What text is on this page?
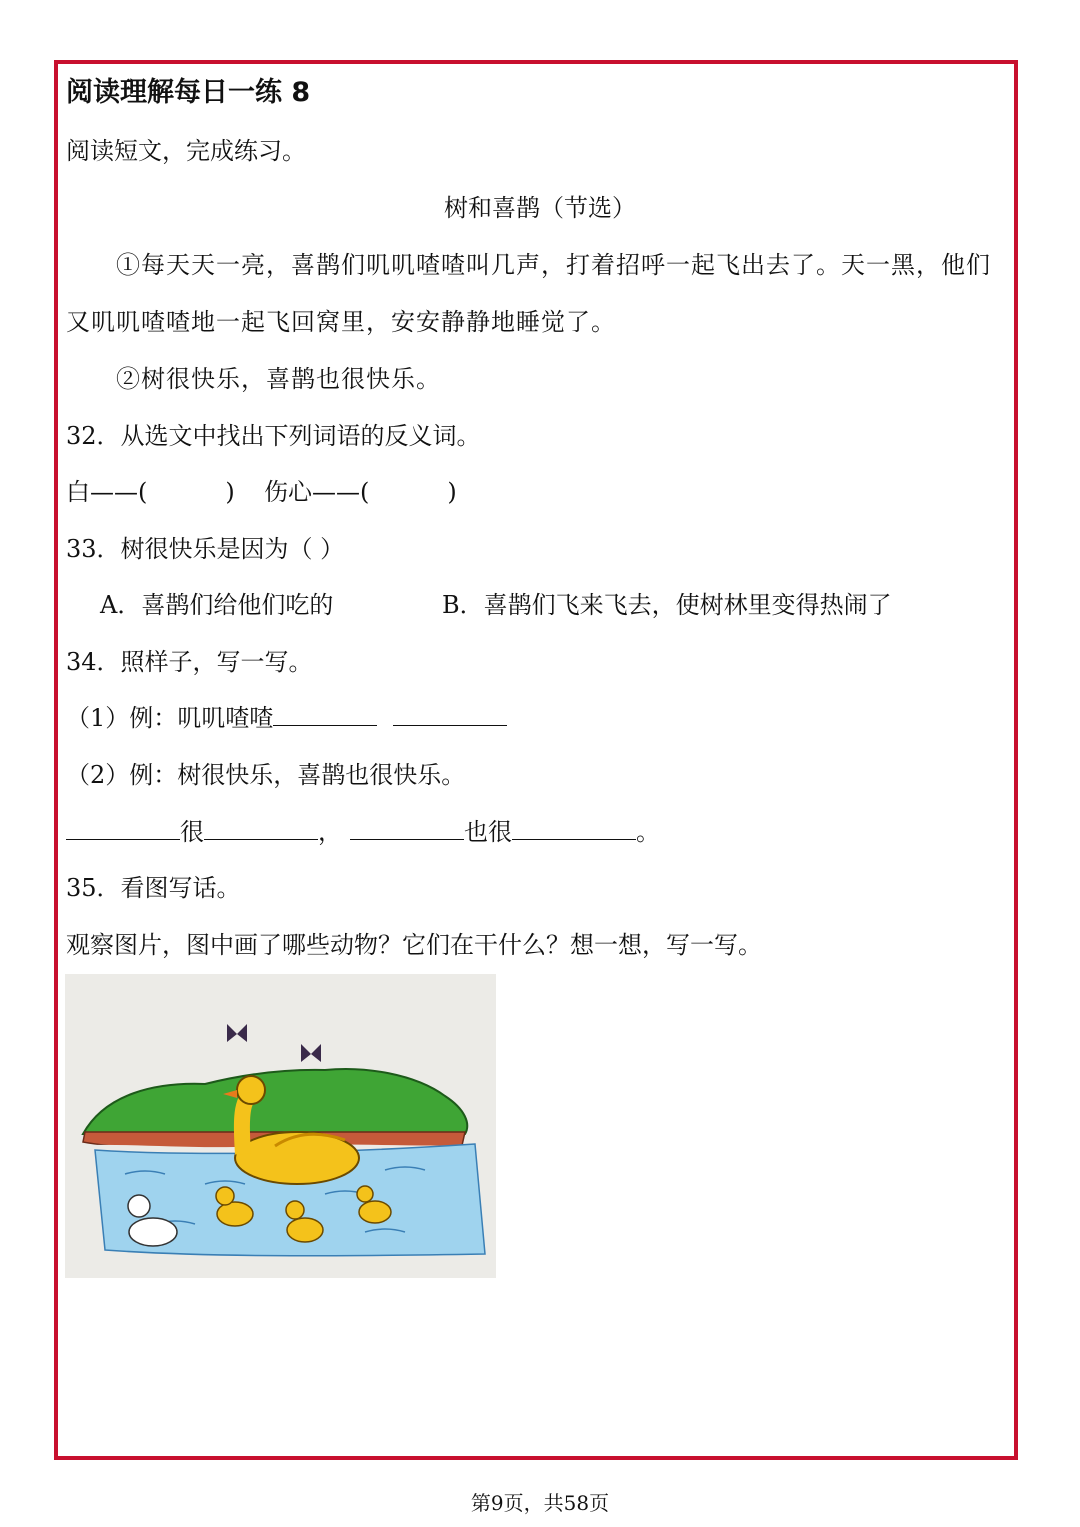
阅读理解每日一练 8
阅读短文，完成练习。
树和喜鹊（节选）
①每天天一亮，喜鹊们叽叽喳喳叫几声，打着招呼一起飞出去了。天一黑，他们
又叽叽喳喳地一起飞回窝里，安安静静地睡觉了。
②树很快乐，喜鹊也很快乐。
32．从选文中找出下列词语的反义词。
白——(	) 伤心——(	)
33．树很快乐是因为（ ）
A．喜鹊们给他们吃的	B．喜鹊们飞来飞去，使树林里变得热闹了
34．照样子，写一写。
（1）例：叽叽喳喳
（2）例：树很快乐，喜鹊也很快乐。
很	，	也很	。
35．看图写话。
观察图片，图中画了哪些动物？它们在干什么？想一想，写一写。
第9页，共58页
